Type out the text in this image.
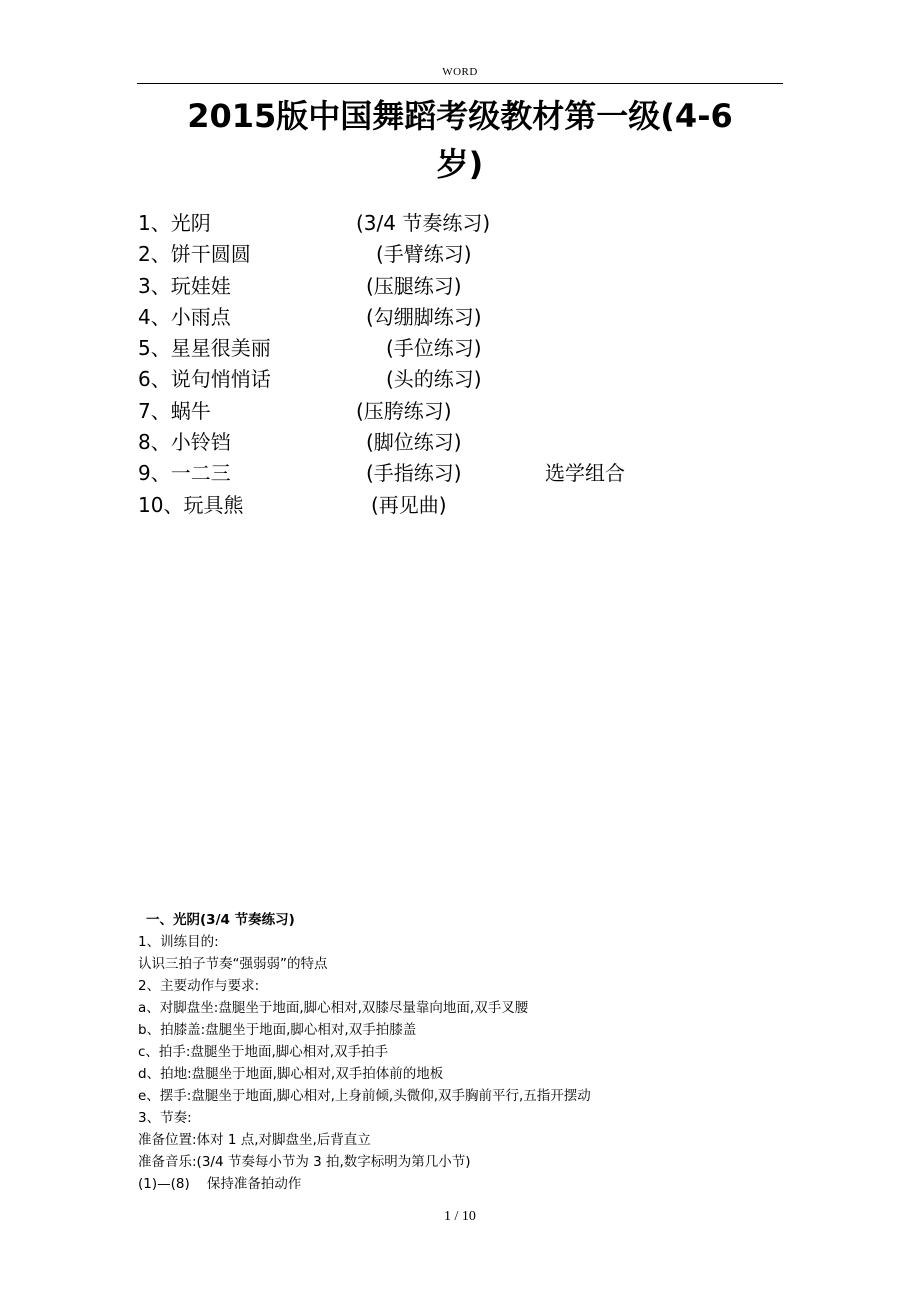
WORD
2015版中国舞蹈考级教材第一级(4-6
岁)
1、光阴	(3/4 节奏练习)
2、饼干圆圆	(手臂练习)
3、玩娃娃	(压腿练习)
4、小雨点	(勾绷脚练习)
5、星星很美丽	(手位练习)
6、说句悄悄话	(头的练习)
7、蜗牛	(压胯练习)
8、小铃铛	(脚位练习)
9、一二三	(手指练习)	选学组合
10、玩具熊	(再见曲)
一、光阴(3/4 节奏练习)
1、训练目的:
认识三拍子节奏“强弱弱”的特点
2、主要动作与要求:
a、对脚盘坐:盘腿坐于地面,脚心相对,双膝尽量靠向地面,双手叉腰
b、拍膝盖:盘腿坐于地面,脚心相对,双手拍膝盖
c、拍手:盘腿坐于地面,脚心相对,双手拍手
d、拍地:盘腿坐于地面,脚心相对,双手拍体前的地板
e、摆手:盘腿坐于地面,脚心相对,上身前倾,头微仰,双手胸前平行,五指开摆动
3、节奏:
准备位置:体对 1 点,对脚盘坐,后背直立
准备音乐:(3/4 节奏每小节为 3 拍,数字标明为第几小节)
(1)—(8)    保持准备拍动作
1 / 10
